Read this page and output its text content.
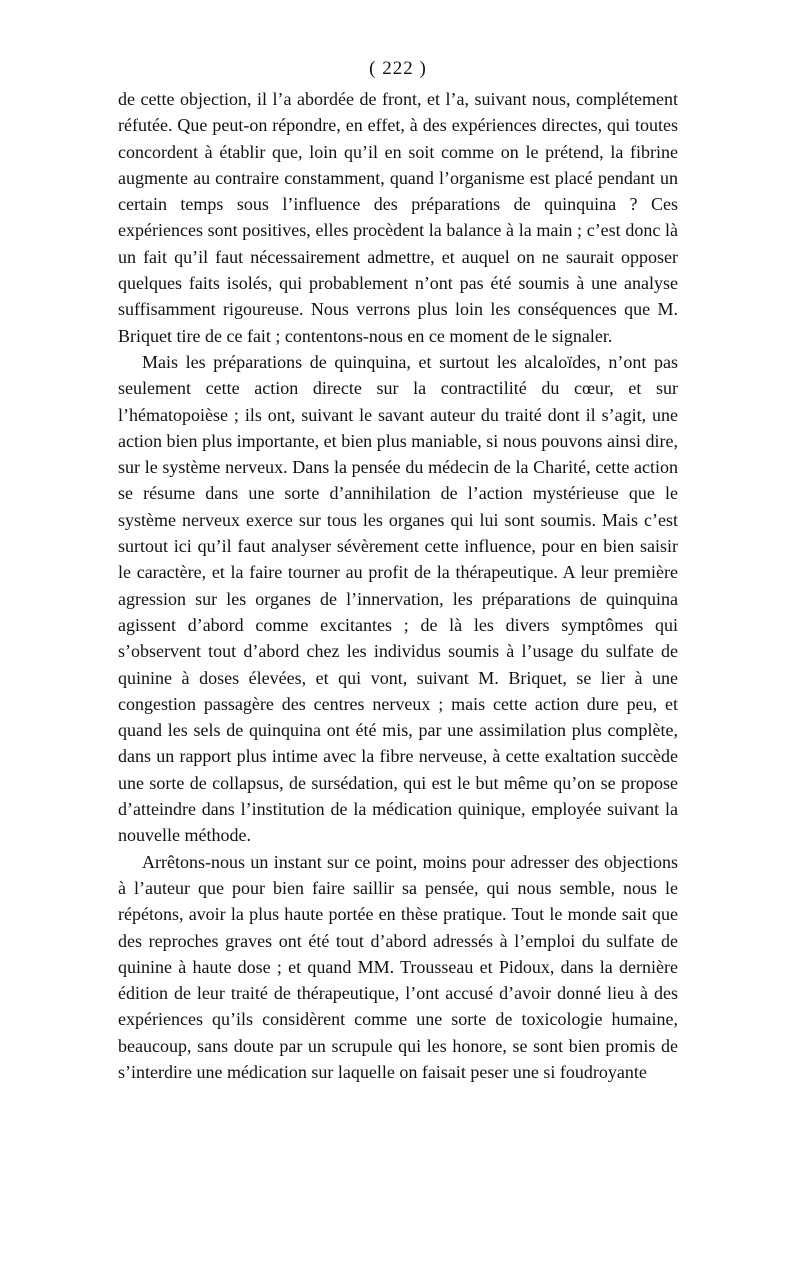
( 222 )

de cette objection, il l’a abordée de front, et l’a, suivant nous, complétement réfutée. Que peut-on répondre, en effet, à des expériences directes, qui toutes concordent à établir que, loin qu’il en soit comme on le prétend, la fibrine augmente au contraire constamment, quand l’organisme est placé pendant un certain temps sous l’influence des préparations de quinquina ? Ces expériences sont positives, elles procèdent la balance à la main ; c’est donc là un fait qu’il faut nécessairement admettre, et auquel on ne saurait opposer quelques faits isolés, qui probablement n’ont pas été soumis à une analyse suffisamment rigoureuse. Nous verrons plus loin les conséquences que M. Briquet tire de ce fait ; contentons-nous en ce moment de le signaler.

Mais les préparations de quinquina, et surtout les alcaloïdes, n’ont pas seulement cette action directe sur la contractilité du cœur, et sur l’hématopoièse ; ils ont, suivant le savant auteur du traité dont il s’agit, une action bien plus importante, et bien plus maniable, si nous pouvons ainsi dire, sur le système nerveux. Dans la pensée du médecin de la Charité, cette action se résume dans une sorte d’annihilation de l’action mystérieuse que le système nerveux exerce sur tous les organes qui lui sont soumis. Mais c’est surtout ici qu’il faut analyser sévèrement cette influence, pour en bien saisir le caractère, et la faire tourner au profit de la thérapeutique. A leur première agression sur les organes de l’innervation, les préparations de quinquina agissent d’abord comme excitantes ; de là les divers symptômes qui s’observent tout d’abord chez les individus soumis à l’usage du sulfate de quinine à doses élevées, et qui vont, suivant M. Briquet, se lier à une congestion passagère des centres nerveux ; mais cette action dure peu, et quand les sels de quinquina ont été mis, par une assimilation plus complète, dans un rapport plus intime avec la fibre nerveuse, à cette exaltation succède une sorte de collapsus, de sursédation, qui est le but même qu’on se propose d’atteindre dans l’institution de la médication quinique, employée suivant la nouvelle méthode.

Arrêtons-nous un instant sur ce point, moins pour adresser des objections à l’auteur que pour bien faire saillir sa pensée, qui nous semble, nous le répétons, avoir la plus haute portée en thèse pratique. Tout le monde sait que des reproches graves ont été tout d’abord adressés à l’emploi du sulfate de quinine à haute dose ; et quand MM. Trousseau et Pidoux, dans la dernière édition de leur traité de thérapeutique, l’ont accusé d’avoir donné lieu à des expériences qu’ils considèrent comme une sorte de toxicologie humaine, beaucoup, sans doute par un scrupule qui les honore, se sont bien promis de s’interdire une médication sur laquelle on faisait peser une si foudroyante
